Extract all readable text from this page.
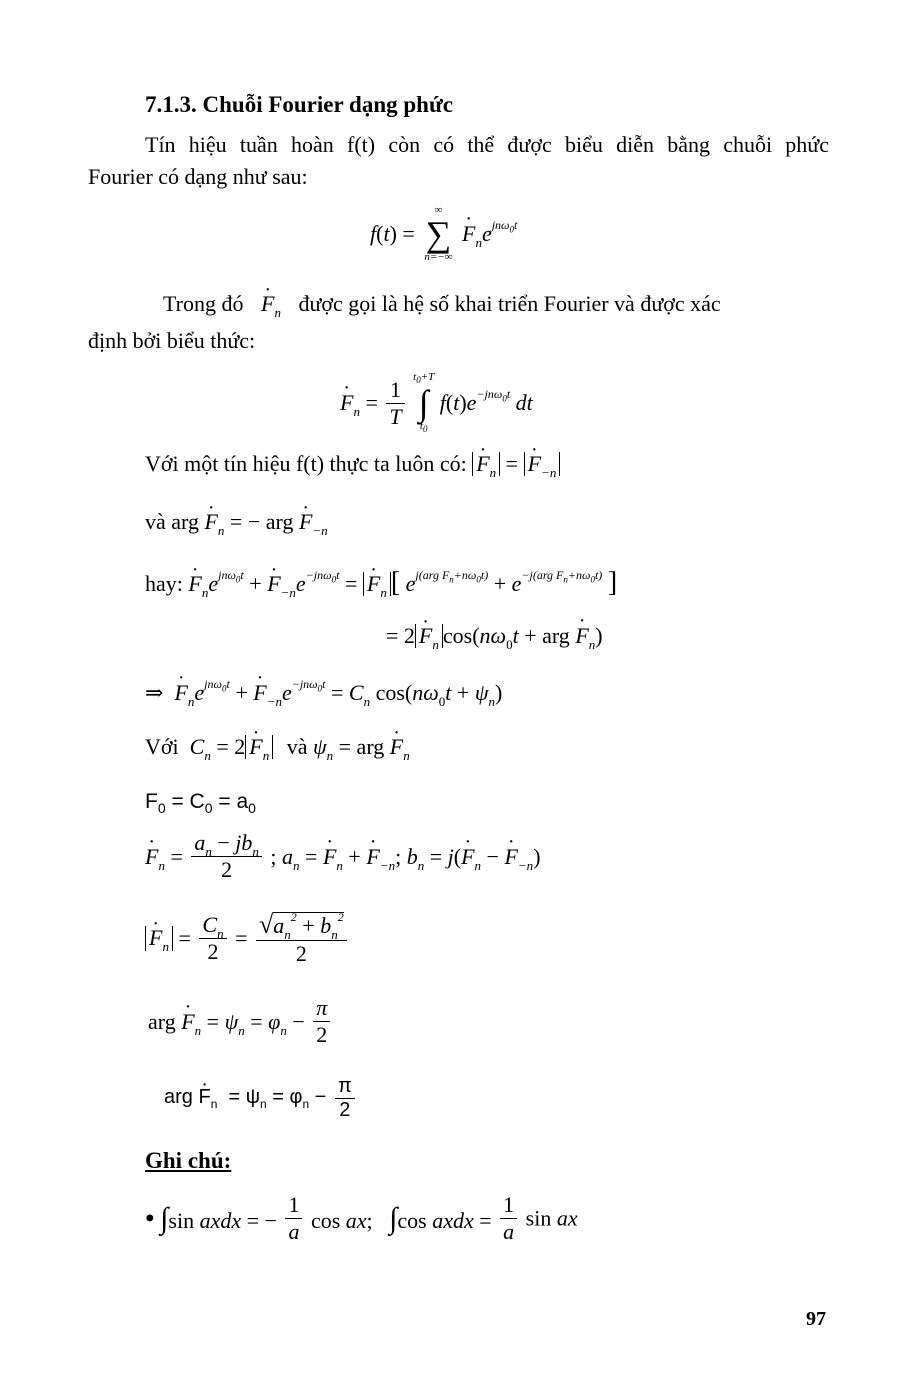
7.1.3. Chuỗi Fourier dạng phức
Tín hiệu tuần hoàn f(t) còn có thể được biểu diễn bằng chuỗi phức
Fourier có dạng như sau:
f(t) =
∞
∑
n=−∞
· $F_ne^{jn\omega_0t}$
Trong đó · $F_n$ được gọi là hệ số khai triển Fourier và được xác
định bởi biểu thức:
· $F_n = \frac{1}{T}$
$t_0+T$
∫
$t_0$
$f(t)e^{-jn\omega_0t}$ dt
Với một tín hiệu f(t) thực ta luôn có: · $F_n$ = · $F_{-n}$
và arg · $F_n$ = − arg · $F_{-n}$
hay: · $F_ne^{jn\omega_0t}$ + · $F_{-n}e^{-jn\omega_0t}$ = · $F_n$ [ $e^{j(arg F_n+n\omega_0t)} + e^{-j(arg F_n+n\omega_0t)}$ ]
= $2 \cdot F_n$ $\cos(n\omega_0t$ + arg · $F_n$)
⇒ · $F_ne^{jn\omega_0t}$ + · $F_{-n}e^{-jn\omega_0t} = C_n$ $\cos(n\omega_0t + \psi_n)$
Với  $C_n = 2 \cdot F_n$ và $\psi_n$ = arg · $F_n$
$F_0 = C_0 = a_0$
· $F_n = \frac{a_n - jb_n}{2}$ ; $a_n$ = · $F_n$ + · $F_{-n}$; $b_n = j(\cdot F_n$ − · $F_{-n}$)
· $F_n = \frac{C_n}{2} = \frac{√a_n^2 + b_n^2}{2}$
arg · $F_n = \psi_n = \varphi_n - \frac{\pi}{2}$
arg · $F_n = \psi_n = \varphi_n - \frac{\pi}{2}$
Ghi chú:
● ∫sin axdx = − $\frac{1}{a}$ cos ax; ∫cos axdx = $\frac{1}{a}$ sin ax
97
